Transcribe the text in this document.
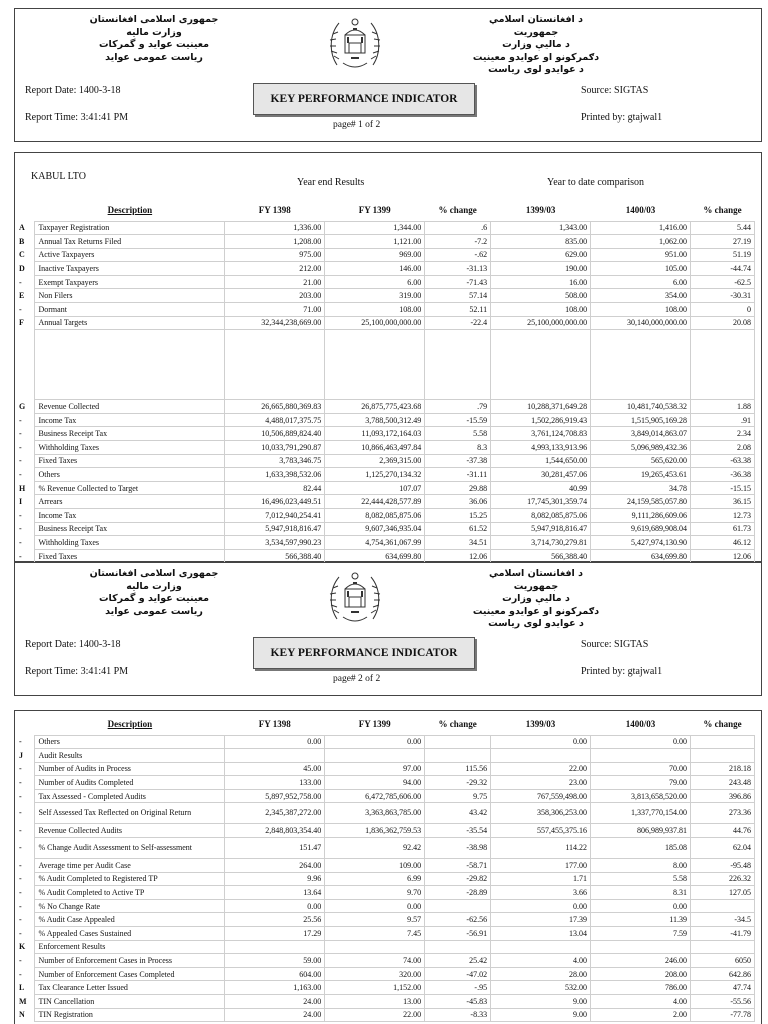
جمهوری اسلامی افغانستان
وزارت مالیه
معینیت عواید و گمرکات
ریاست عمومی عواید
د افغانستان اسلامي جمهوریت
د مالیې وزارت
دګمرکونو او عوایدو معینیت
د عوایدو لوی ریاست
Report Date: 1400-3-18
Report Time: 3:41:41 PM
KEY PERFORMANCE INDICATOR
page# 1 of 2
Source: SIGTAS
Printed by: gtajwal1
KABUL LTO
Year end Results	Year to date comparison
	Description	FY 1398	FY 1399	% change	1399/03	1400/03	% change
A	Taxpayer Registration	1,336.00	1,344.00	.6	1,343.00	1,416.00	5.44
B	Annual Tax Returns Filed	1,208.00	1,121.00	-7.2	835.00	1,062.00	27.19
C	Active Taxpayers	975.00	969.00	-.62	629.00	951.00	51.19
D	Inactive Taxpayers	212.00	146.00	-31.13	190.00	105.00	-44.74
-	Exempt Taxpayers	21.00	6.00	-71.43	16.00	6.00	-62.5
E	Non Filers	203.00	319.00	57.14	508.00	354.00	-30.31
-	Dormant	71.00	108.00	52.11	108.00	108.00	0
F	Annual Targets	32,344,238,669.00	25,100,000,000.00	-22.4	25,100,000,000.00	30,140,000,000.00	20.08

G	Revenue Collected	26,665,880,369.83	26,875,775,423.68	.79	10,288,371,649.28	10,481,740,538.32	1.88
-	Income Tax	4,488,017,375.75	3,788,500,312.49	-15.59	1,502,286,919.43	1,515,905,169.28	.91
-	Business Receipt Tax	10,506,889,824.40	11,093,172,164.03	5.58	3,761,124,708.83	3,849,014,863.07	2.34
-	Withholding Taxes	10,033,791,290.87	10,866,463,497.84	8.3	4,993,133,913.96	5,096,989,432.36	2.08
-	Fixed Taxes	3,783,346.75	2,369,315.00	-37.38	1,544,650.00	565,620.00	-63.38
-	Others	1,633,398,532.06	1,125,270,134.32	-31.11	30,281,457.06	19,265,453.61	-36.38
H	% Revenue Collected to Target	82.44	107.07	29.88	40.99	34.78	-15.15
I	Arrears	16,496,023,449.51	22,444,428,577.89	36.06	17,745,301,359.74	24,159,585,057.80	36.15
-	Income Tax	7,012,940,254.41	8,082,085,875.06	15.25	8,082,085,875.06	9,111,286,609.06	12.73
-	Business Receipt Tax	5,947,918,816.47	9,607,346,935.04	61.52	5,947,918,816.47	9,619,689,908.04	61.73
-	Withholding Taxes	3,534,597,990.23	4,754,361,067.99	34.51	3,714,730,279.81	5,427,974,130.90	46.12
-	Fixed Taxes	566,388.40	634,699.80	12.06	566,388.40	634,699.80	12.06
جمهوری اسلامی افغانستان
وزارت مالیه
معینیت عواید و گمرکات
ریاست عمومی عواید
د افغانستان اسلامي جمهوریت
د مالیې وزارت
دګمرکونو او عوایدو معینیت
د عوایدو لوی ریاست
Report Date: 1400-3-18
Report Time: 3:41:41 PM
KEY PERFORMANCE INDICATOR
page# 2 of 2
Source: SIGTAS
Printed by: gtajwal1
	Description	FY 1398	FY 1399	% change	1399/03	1400/03	% change
-	Others	0.00	0.00		0.00	0.00	
J	Audit Results						
-	Number of Audits in Process	45.00	97.00	115.56	22.00	70.00	218.18
-	Number of Audits Completed	133.00	94.00	-29.32	23.00	79.00	243.48
-	Tax Assessed - Completed Audits	5,897,952,758.00	6,472,785,606.00	9.75	767,559,498.00	3,813,658,520.00	396.86
-	Self Assessed Tax Reflected on Original Return	2,345,387,272.00	3,363,863,785.00	43.42	358,306,253.00	1,337,770,154.00	273.36
-	Revenue Collected Audits	2,848,803,354.40	1,836,362,759.53	-35.54	557,455,375.16	806,989,937.81	44.76
-	% Change Audit Assessment to Self-assessment	151.47	92.42	-38.98	114.22	185.08	62.04
-	Average time per Audit Case	264.00	109.00	-58.71	177.00	8.00	-95.48
-	% Audit Completed to Registered TP	9.96	6.99	-29.82	1.71	5.58	226.32
-	% Audit Completed to Active TP	13.64	9.70	-28.89	3.66	8.31	127.05
-	% No Change Rate	0.00	0.00		0.00	0.00	
-	% Audit Case Appealed	25.56	9.57	-62.56	17.39	11.39	-34.5
-	% Appealed Cases Sustained	17.29	7.45	-56.91	13.04	7.59	-41.79
K	Enforcement Results						
-	Number of Enforcement Cases in Process	59.00	74.00	25.42	4.00	246.00	6050
-	Number of Enforcement Cases Completed	604.00	320.00	-47.02	28.00	208.00	642.86
L	Tax Clearance Letter Issued	1,163.00	1,152.00	-.95	532.00	786.00	47.74
M	TIN Cancellation	24.00	13.00	-45.83	9.00	4.00	-55.56
N	TIN Registration	24.00	22.00	-8.33	9.00	2.00	-77.78
